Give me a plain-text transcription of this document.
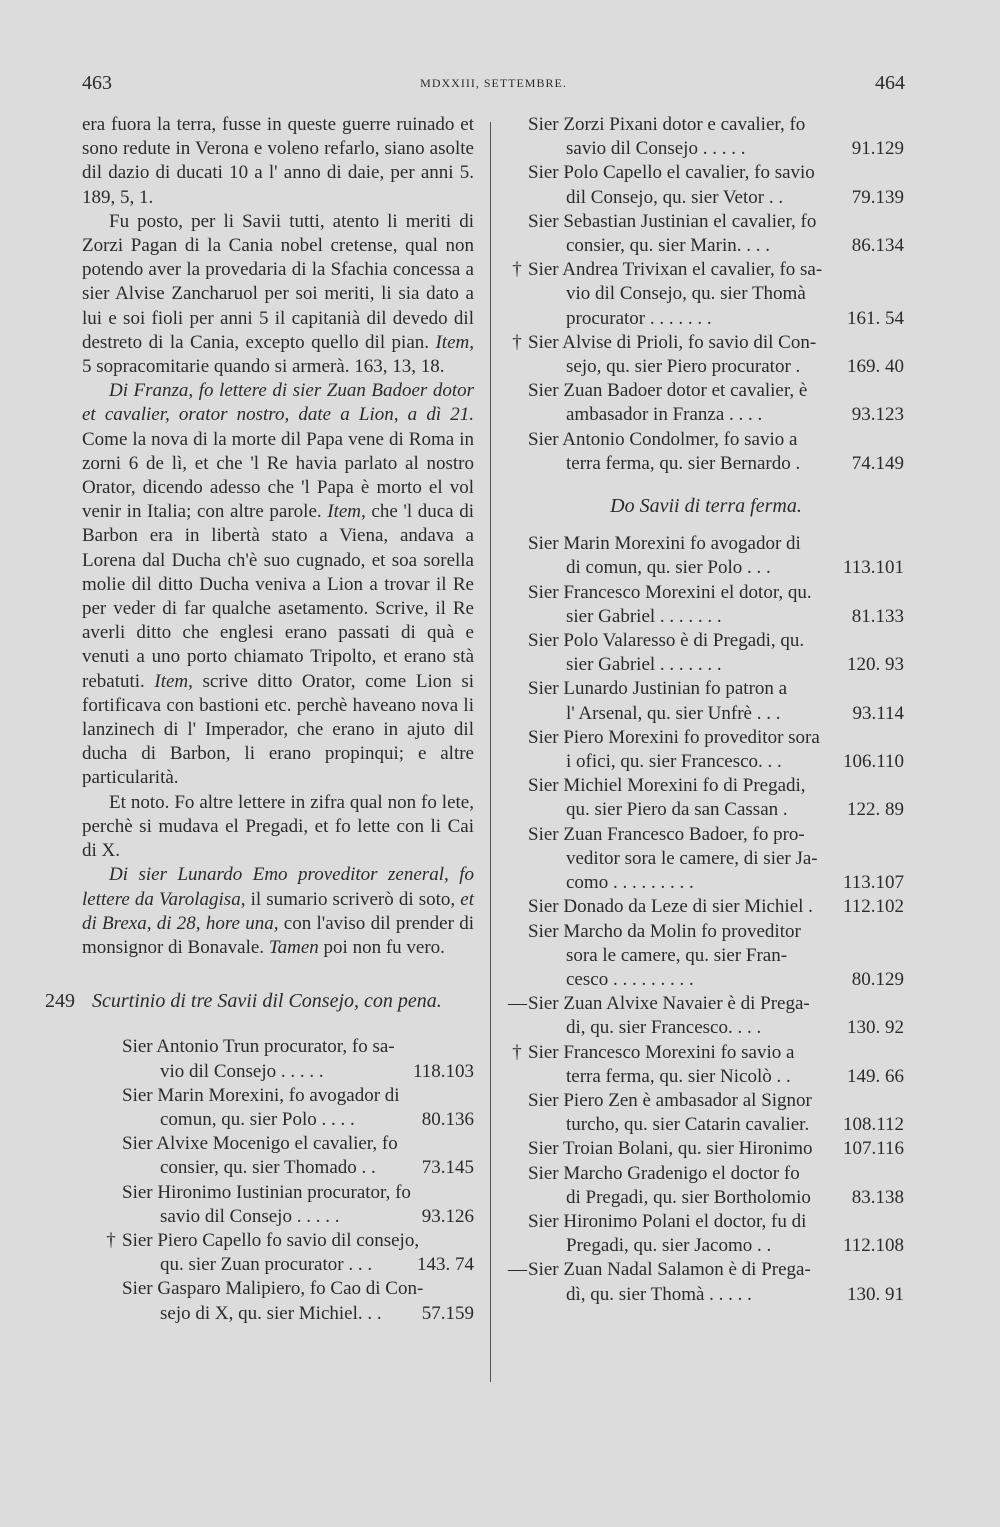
463	MDXXIII, SETTEMBRE.	464

era fuora la terra, fusse in queste guerre ruinado et sono redute in Verona e voleno refarlo, siano asolte dil dazio di ducati 10 a l' anno di daie, per anni 5. 189, 5, 1.

Fu posto, per li Savii tutti, atento li meriti di Zorzi Pagan di la Cania nobel cretense, qual non potendo aver la provedaria di la Sfachia concessa a sier Alvise Zancharuol per soi meriti, li sia dato a lui e soi fioli per anni 5 il capitanià dil devedo dil destreto di la Cania, excepto quello dil pian. Item, 5 sopracomitarie quando si armerà. 163, 13, 18.

Di Franza, fo lettere di sier Zuan Badoer dotor et cavalier, orator nostro, date a Lion, a dì 21. Come la nova di la morte dil Papa vene di Roma in zorni 6 de lì, et che 'l Re havia parlato al nostro Orator, dicendo adesso che 'l Papa è morto el vol venir in Italia; con altre parole. Item, che 'l duca di Barbon era in libertà stato a Viena, andava a Lorena dal Ducha ch'è suo cugnado, et soa sorella molie dil ditto Ducha veniva a Lion a trovar il Re per veder di far qualche asetamento. Scrive, il Re averli ditto che englesi erano passati di quà e venuti a uno porto chiamato Tripolto, et erano stà rebatuti. Item, scrive ditto Orator, come Lion si fortificava con bastioni etc. perchè haveano nova li lanzinech di l' Imperador, che erano in ajuto dil ducha di Barbon, li erano propinqui; e altre particularità.

Et noto. Fo altre lettere in zifra qual non fo lete, perchè si mudava el Pregadi, et fo lette con li Cai di X.

Di sier Lunardo Emo proveditor zeneral, fo lettere da Varolagisa, il sumario scriverò di soto, et di Brexa, di 28, hore una, con l'aviso dil prender di monsignor di Bonavale. Tamen poi non fu vero.

249 Scurtinio di tre Savii dil Consejo, con pena.
Sier Antonio Trun procurator, fo sa-
vio dil Consejo . . . . .	118.103
Sier Marin Morexini, fo avogador di
comun, qu. sier Polo . . . .	80.136
Sier Alvixe Mocenigo el cavalier, fo
consier, qu. sier Thomado . .	73.145
Sier Hironimo Iustinian procurator, fo
savio dil Consejo . . . . .	93.126
† Sier Piero Capello fo savio dil consejo,
qu. sier Zuan procurator . . .	143. 74
Sier Gasparo Malipiero, fo Cao di Con-
sejo di X, qu. sier Michiel. . .	57.159
Sier Zorzi Pixani dotor e cavalier, fo
savio dil Consejo . . . . .	91.129
Sier Polo Capello el cavalier, fo savio
dil Consejo, qu. sier Vetor . .	79.139
Sier Sebastian Justinian el cavalier, fo
consier, qu. sier Marin. . . .	86.134
† Sier Andrea Trivixan el cavalier, fo sa-
vio dil Consejo, qu. sier Thomà
procurator . . . . . . .	161. 54
† Sier Alvise di Prioli, fo savio dil Con-
sejo, qu. sier Piero procurator .	169. 40
Sier Zuan Badoer dotor et cavalier, è
ambasador in Franza . . . .	93.123
Sier Antonio Condolmer, fo savio a
terra ferma, qu. sier Bernardo .	74.149
Do Savii di terra ferma.
Sier Marin Morexini fo avogador di
di comun, qu. sier Polo . . .	113.101
Sier Francesco Morexini el dotor, qu.
sier Gabriel . . . . . . .	81.133
Sier Polo Valaresso è di Pregadi, qu.
sier Gabriel . . . . . . .	120. 93
Sier Lunardo Justinian fo patron a
l' Arsenal, qu. sier Unfrè . . .	93.114
Sier Piero Morexini fo proveditor sora
i ofici, qu. sier Francesco. . .	106.110
Sier Michiel Morexini fo di Pregadi,
qu. sier Piero da san Cassan .	122. 89
Sier Zuan Francesco Badoer, fo pro-
veditor sora le camere, di sier Ja-
como . . . . . . . . .	113.107
Sier Donado da Leze di sier Michiel .	112.102
Sier Marcho da Molin fo proveditor
sora le camere, qu. sier Fran-
cesco . . . . . . . . .	80.129
— Sier Zuan Alvixe Navaier è di Prega-
di, qu. sier Francesco. . . .	130. 92
† Sier Francesco Morexini fo savio a
terra ferma, qu. sier Nicolò . .	149. 66
Sier Piero Zen è ambasador al Signor
turcho, qu. sier Catarin cavalier.	108.112
Sier Troian Bolani, qu. sier Hironimo	107.116
Sier Marcho Gradenigo el doctor fo
di Pregadi, qu. sier Bortholomio	83.138
Sier Hironimo Polani el doctor, fu di
Pregadi, qu. sier Jacomo . .	112.108
— Sier Zuan Nadal Salamon è di Prega-
dì, qu. sier Thomà . . . . .	130. 91
